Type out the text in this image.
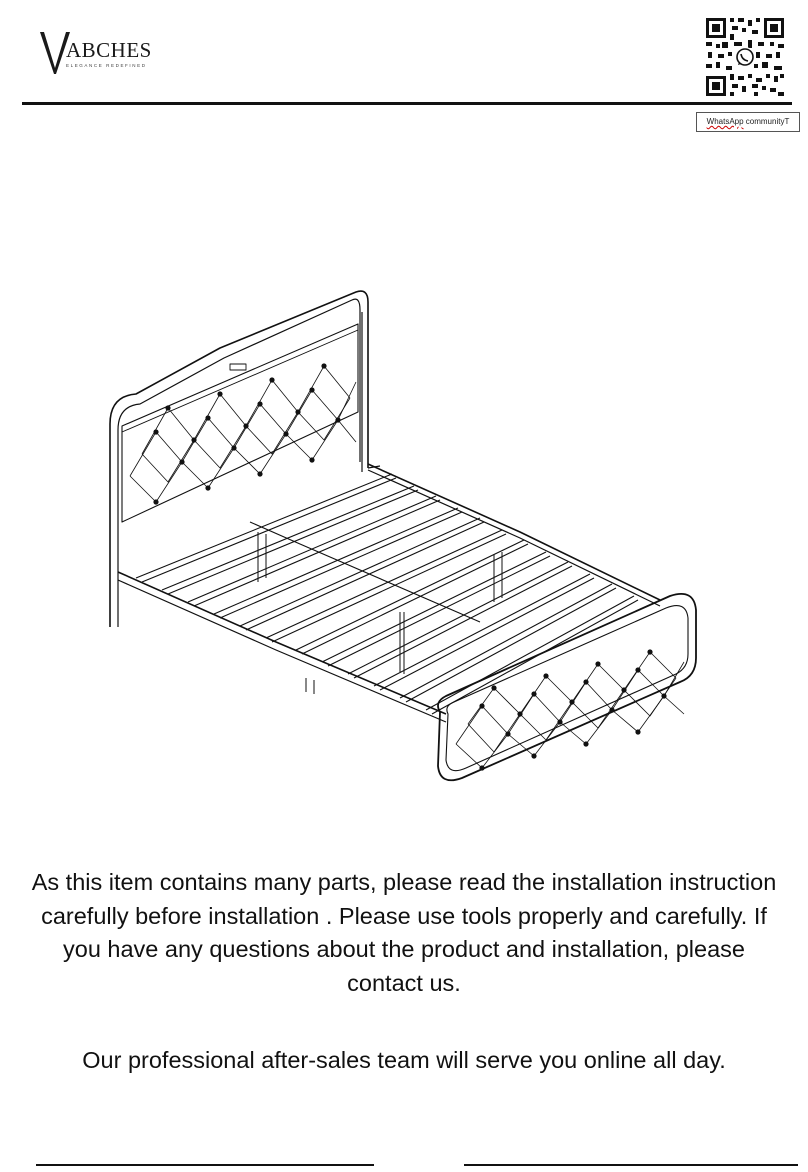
ABCHES
ELEGANCE REDEFINED
WhatsApp communityT

As this item contains many parts, please read the installation instruction carefully before installation . Please use tools properly and carefully. If you have any questions about the product and installation, please contact us.

Our professional after-sales team will serve you online all day.
